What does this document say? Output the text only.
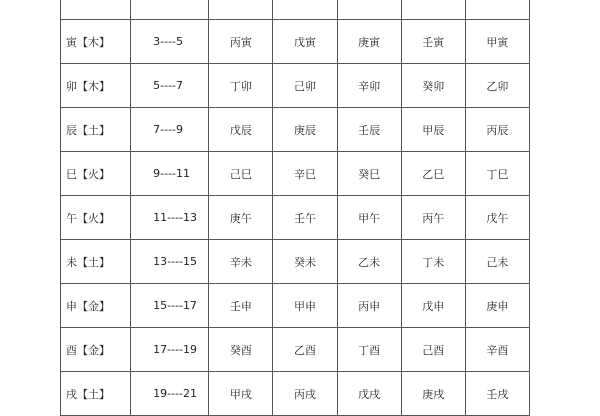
寅【木】	3----5	丙寅	戊寅	庚寅	壬寅	甲寅
卯【木】	5----7	丁卯	己卯	辛卯	癸卯	乙卯
辰【土】	7----9	戊辰	庚辰	壬辰	甲辰	丙辰
巳【火】	9----11	己巳	辛巳	癸巳	乙巳	丁巳
午【火】	11----13	庚午	壬午	甲午	丙午	戊午
未【土】	13----15	辛未	癸未	乙未	丁未	己未
申【金】	15----17	壬申	甲申	丙申	戊申	庚申
酉【金】	17----19	癸酉	乙酉	丁酉	己酉	辛酉
戌【土】	19----21	甲戌	丙戌	戊戌	庚戌	壬戌
